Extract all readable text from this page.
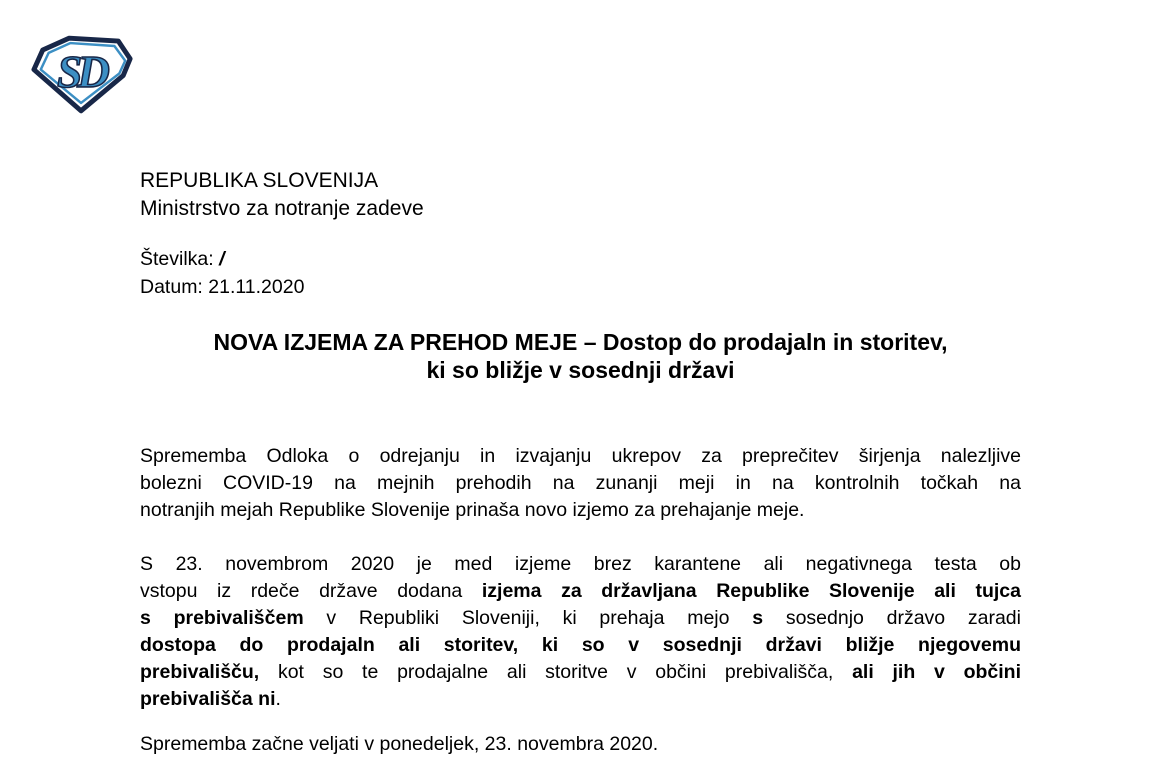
SD
REPUBLIKA SLOVENIJA
Ministrstvo za notranje zadeve
Številka: /
Datum: 21.11.2020
NOVA IZJEMA ZA PREHOD MEJE – Dostop do prodajaln in storitev,
ki so bližje v sosednji državi

Sprememba Odloka o odrejanju in izvajanju ukrepov za preprečitev širjenja nalezljive
bolezni COVID-19 na mejnih prehodih na zunanji meji in na kontrolnih točkah na
notranjih mejah Republike Slovenije prinaša novo izjemo za prehajanje meje.

S 23. novembrom 2020 je med izjeme brez karantene ali negativnega testa ob
vstopu iz rdeče države dodana izjema za državljana Republike Slovenije ali tujca
s prebivališčem v Republiki Sloveniji, ki prehaja mejo s sosednjo državo zaradi
dostopa do prodajaln ali storitev, ki so v sosednji državi bližje njegovemu
prebivališču, kot so te prodajalne ali storitve v občini prebivališča, ali jih v občini
prebivališča ni.

Sprememba začne veljati v ponedeljek, 23. novembra 2020.
